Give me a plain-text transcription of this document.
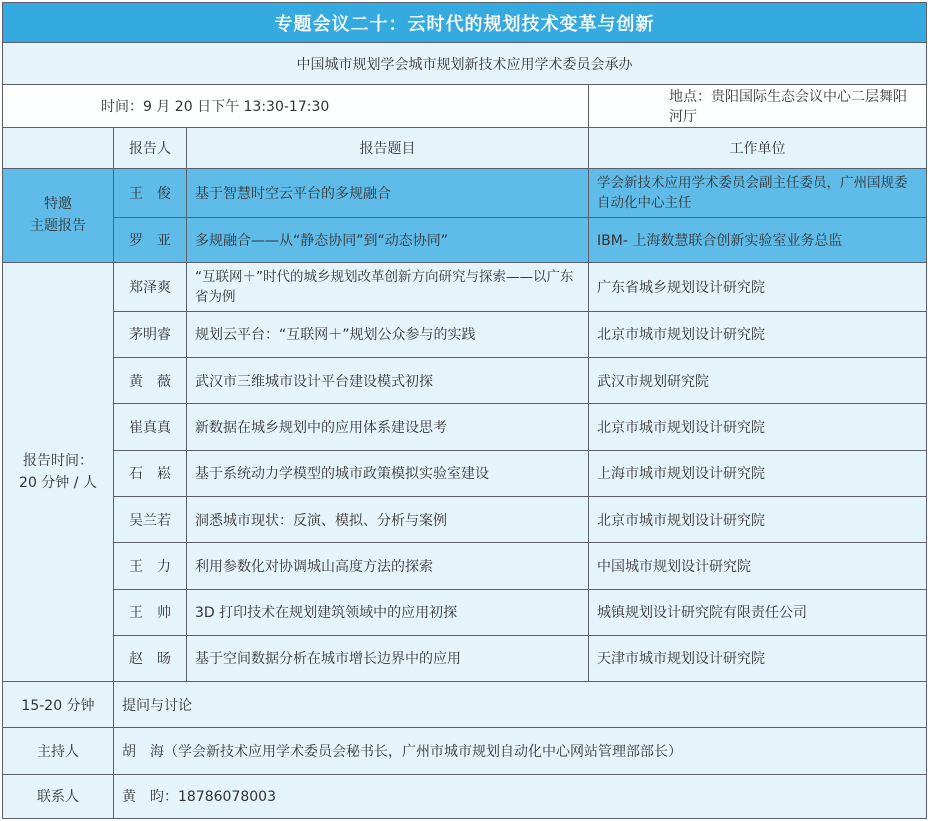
专题会议二十：云时代的规划技术变革与创新			
中国城市规划学会城市规划新技术应用学术委员会承办			
时间：9 月 20 日下午 13:30-17:30			地点：贵阳国际生态会议中心二层舞阳河厅
	报告人	报告题目	工作单位
特邀
主题报告	王　俊	基于智慧时空云平台的多规融合	学会新技术应用学术委员会副主任委员，广州国规委自动化中心主任
	罗　亚	多规融合——从“静态协同”到“动态协同”	IBM- 上海数慧联合创新实验室业务总监
报告时间：
20 分钟 / 人	郑泽爽	“互联网＋”时代的城乡规划改革创新方向研究与探索——以广东省为例	广东省城乡规划设计研究院
	茅明睿	规划云平台：“互联网＋”规划公众参与的实践	北京市城市规划设计研究院
	黄　薇	武汉市三维城市设计平台建设模式初探	武汉市规划研究院
	崔真真	新数据在城乡规划中的应用体系建设思考	北京市城市规划设计研究院
	石　崧	基于系统动力学模型的城市政策模拟实验室建设	上海市城市规划设计研究院
	吴兰若	洞悉城市现状：反演、模拟、分析与案例	北京市城市规划设计研究院
	王　力	利用参数化对协调城山高度方法的探索	中国城市规划设计研究院
	王　帅	3D 打印技术在规划建筑领域中的应用初探	城镇规划设计研究院有限责任公司
	赵　旸	基于空间数据分析在城市增长边界中的应用	天津市城市规划设计研究院
15-20 分钟	提问与讨论		
主持人	胡　海（学会新技术应用学术委员会秘书长，广州市城市规划自动化中心网站管理部部长）		
联系人	黄　昀：18786078003		
